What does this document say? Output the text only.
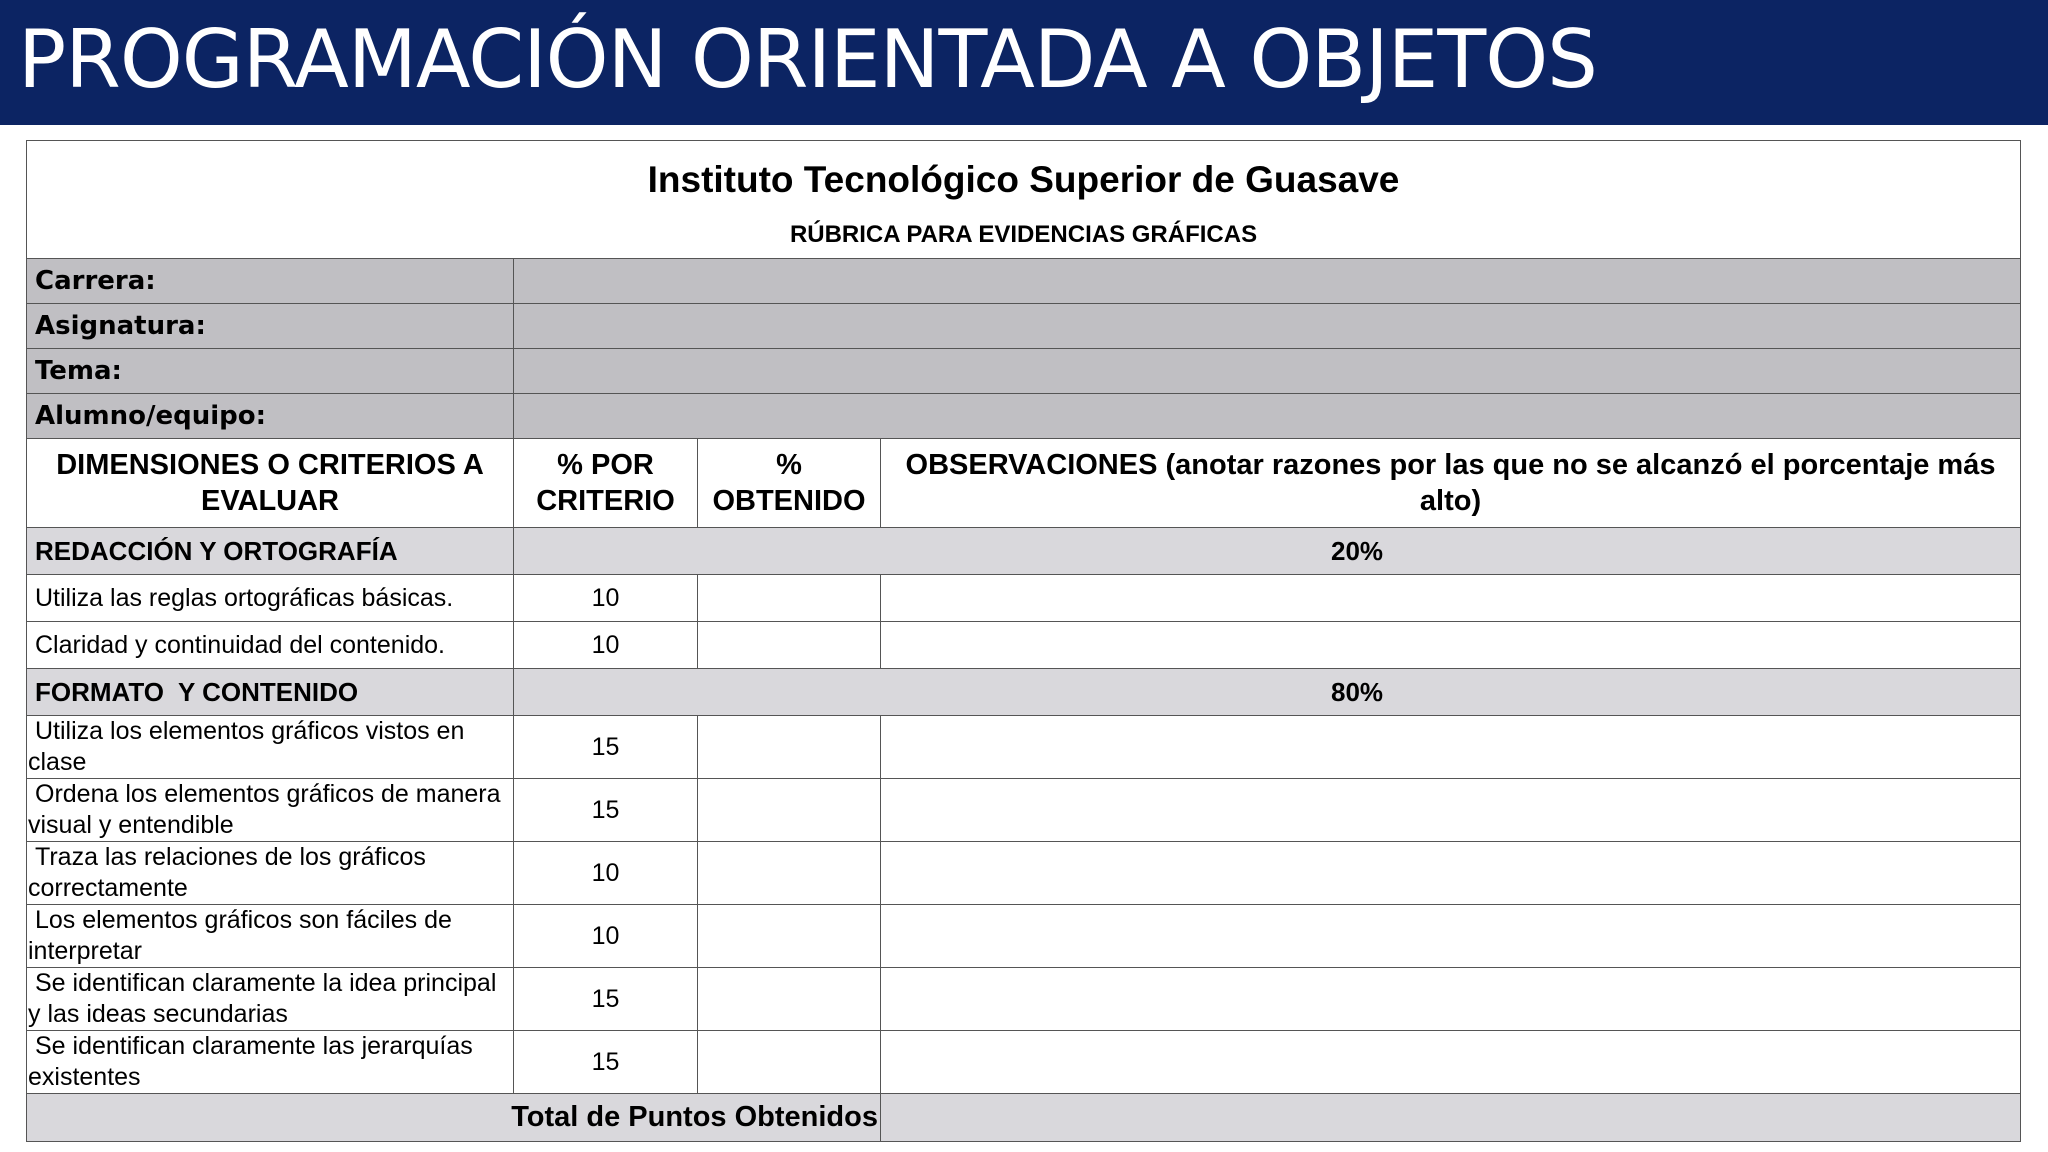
PROGRAMACIÓN ORIENTADA A OBJETOS
Instituto Tecnológico Superior de Guasave
RÚBRICA PARA EVIDENCIAS GRÁFICAS			

Carrera:			
Asignatura:			
Tema:			
Alumno/equipo:			
DIMENSIONES O CRITERIOS A EVALUAR	% POR CRITERIO	% OBTENIDO	OBSERVACIONES (anotar razones por las que no se alcanzó el porcentaje más alto)
REDACCIÓN Y ORTOGRAFÍA	20%		
Utiliza las reglas ortográficas básicas.	10		
Claridad y continuidad del contenido.	10		
FORMATO  Y CONTENIDO	80%		
Utiliza los elementos gráficos vistos en clase	15		
Ordena los elementos gráficos de manera visual y entendible	15		
Traza las relaciones de los gráficos correctamente	10		
Los elementos gráficos son fáciles de interpretar	10		
Se identifican claramente la idea principal y las ideas secundarias	15		
Se identifican claramente las jerarquías existentes	15		
Total de Puntos Obtenidos			
